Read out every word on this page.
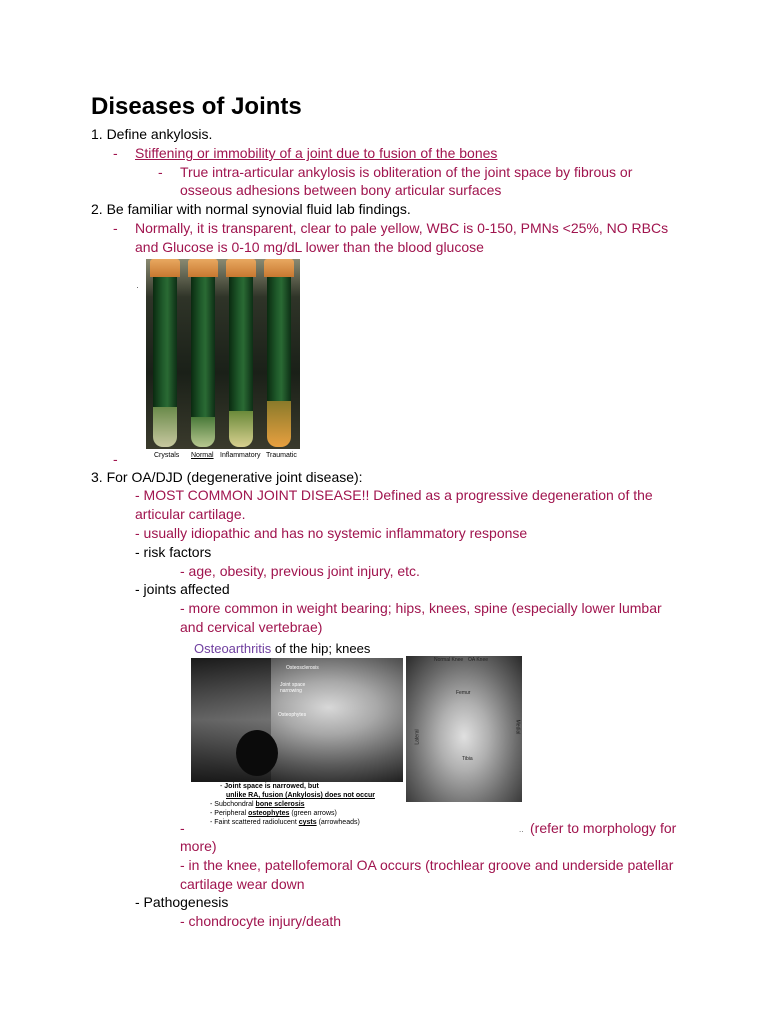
Diseases of Joints
1. Define ankylosis.
- Stiffening or immobility of a joint due to fusion of the bones
- True intra-articular ankylosis is obliteration of the joint space by fibrous or
osseous adhesions between bony articular surfaces
2. Be familiar with normal synovial fluid lab findings.
- Normally, it is transparent, clear to pale yellow, WBC is 0-150, PMNs <25%, NO RBCs
and Glucose is 0-10 mg/dL lower than the blood glucose
·
Crystals Normal Inflammatory Traumatic
-
3. For OA/DJD (degenerative joint disease):
- MOST COMMON JOINT DISEASE!! Defined as a progressive degeneration of the
articular cartilage.
- usually idiopathic and has no systemic inflammatory response
- risk factors
- age, obesity, previous joint injury, etc.
- joints affected
- more common in weight bearing; hips, knees, spine (especially lower lumbar
and cervical vertebrae)
Osteoarthritis of the hip; knees
Osteosclerosis
Joint space
narrowing
Osteophytes
Normal Knee OA Knee
Femur
Tibia
Lateral
Medial
- Joint space is narrowed, but
unlike RA, fusion (Ankylosis) does not occur
- Subchondral bone sclerosis
- Peripheral osteophytes (green arrows)
- Faint scattered radiolucent cysts (arrowheads)
-	.. (refer to morphology for
more)
- in the knee, patellofemoral OA occurs (trochlear groove and underside patellar
cartilage wear down
- Pathogenesis
- chondrocyte injury/death
